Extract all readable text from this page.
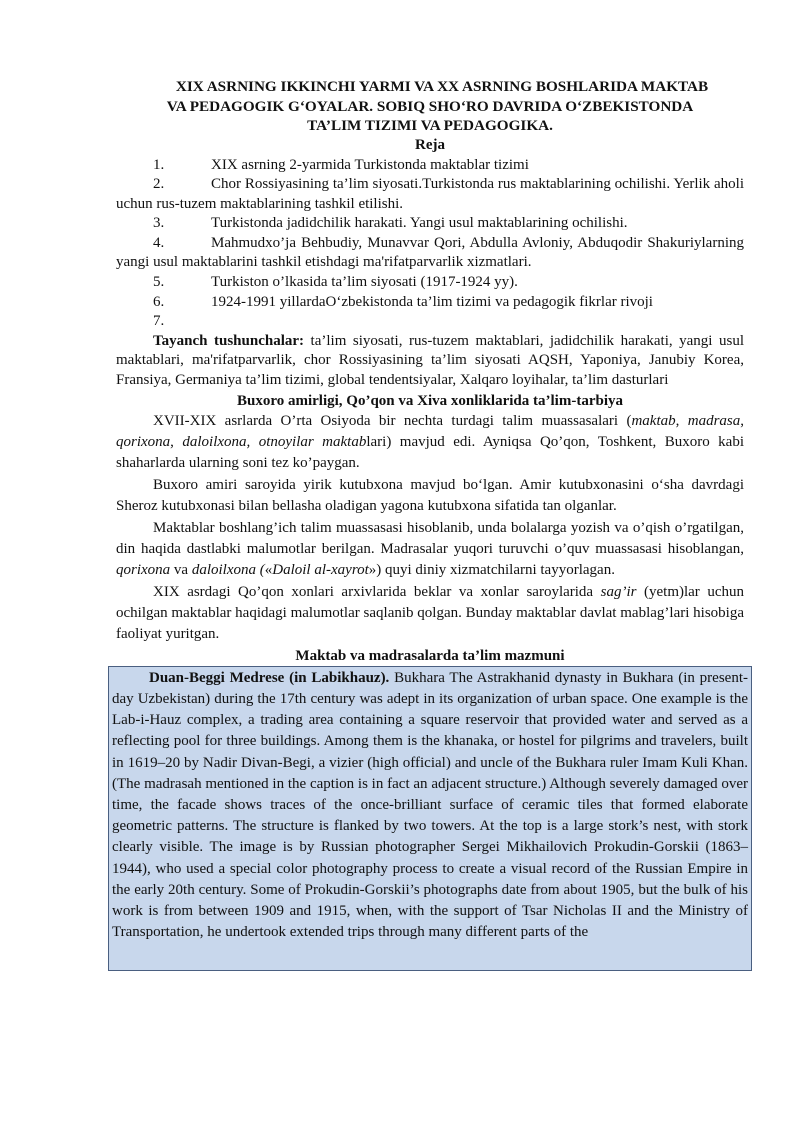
XIX ASRNING IKKINCHI YARMI VA XX ASRNING BOSHLARIDA MAKTAB
VA PEDAGOGIK G‘OYALAR. SOBIQ SHO‘RO DAVRIDA O‘ZBEKISTONDA
TA’LIM TIZIMI VA PEDAGOGIKA.
Reja

1.	XIX asrning 2-yarmida Turkistonda maktablar tizimi

2.	Chor Rossiyasining ta’lim siyosati.Turkistonda rus maktablarining ochilishi. Yerlik aholi uchun rus-tuzem maktablarining tashkil etilishi.

3.	Turkistonda jadidchilik harakati. Yangi usul maktablarining ochilishi.

4.	Mahmudxo’ja Behbudiy, Munavvar Qori, Abdulla Avloniy, Abduqodir Shakuriylarning yangi usul maktablarini tashkil etishdagi ma'rifatparvarlik xizmatlari.

5.	Turkiston o’lkasida ta’lim siyosati (1917-1924 yy).

6.	1924-1991 yillardaO‘zbekistonda ta’lim tizimi va pedagogik fikrlar rivoji

7.

Tayanch tushunchalar: ta’lim siyosati, rus-tuzem maktablari, jadidchilik harakati, yangi usul maktablari, ma'rifatparvarlik, chor Rossiyasining ta’lim siyosati AQSH, Yaponiya, Janubiy Korea, Fransiya, Germaniya ta’lim tizimi, global tendentsiyalar, Xalqaro loyihalar, ta’lim dasturlari

Buxoro amirligi, Qo’qon va Xiva xonliklarida ta’lim-tarbiya

XVII-XIX asrlarda O’rta Osiyoda bir nechta turdagi talim muassasalari (maktab, madrasa, qorixona, daloilxona, otnoyilar maktablari) mavjud edi. Ayniqsa Qo’qon, Toshkent, Buxoro kabi shaharlarda ularning soni tez ko’paygan.

Buxoro amiri saroyida yirik kutubxona mavjud bo‘lgan. Amir kutubxonasini o‘sha davrdagi Sheroz kutubxonasi bilan bellasha oladigan yagona kutubxona sifatida tan olganlar.

Maktablar boshlang’ich talim muassasasi hisoblanib, unda bolalarga yozish va o’qish o’rgatilgan, din haqida dastlabki malumotlar berilgan. Madrasalar yuqori turuvchi o’quv muassasasi hisoblangan, qorixona va daloilxona («Daloil al-xayrot») quyi diniy xizmatchilarni tayyorlagan.

XIX asrdagi Qo’qon xonlari arxivlarida beklar va xonlar saroylarida sag’ir (yetm)lar uchun ochilgan maktablar haqidagi malumotlar saqlanib qolgan. Bunday maktablar davlat mablag’lari hisobiga faoliyat yuritgan.

Maktab va madrasalarda ta’lim mazmuni

Duan-Beggi Medrese (in Labikhauz). Bukhara The Astrakhanid dynasty in Bukhara (in present-day Uzbekistan) during the 17th century was adept in its organization of urban space. One example is the Lab-i-Hauz complex, a trading area containing a square reservoir that provided water and served as a reflecting pool for three buildings. Among them is the khanaka, or hostel for pilgrims and travelers, built in 1619–20 by Nadir Divan-Begi, a vizier (high official) and uncle of the Bukhara ruler Imam Kuli Khan. (The madrasah mentioned in the caption is in fact an adjacent structure.) Although severely damaged over time, the facade shows traces of the once-brilliant surface of ceramic tiles that formed elaborate geometric patterns. The structure is flanked by two towers. At the top is a large stork’s nest, with stork clearly visible. The image is by Russian photographer Sergei Mikhailovich Prokudin-Gorskii (1863–1944), who used a special color photography process to create a visual record of the Russian Empire in the early 20th century. Some of Prokudin-Gorskii’s photographs date from about 1905, but the bulk of his work is from between 1909 and 1915, when, with the support of Tsar Nicholas II and the Ministry of Transportation, he undertook extended trips through many different parts of the
